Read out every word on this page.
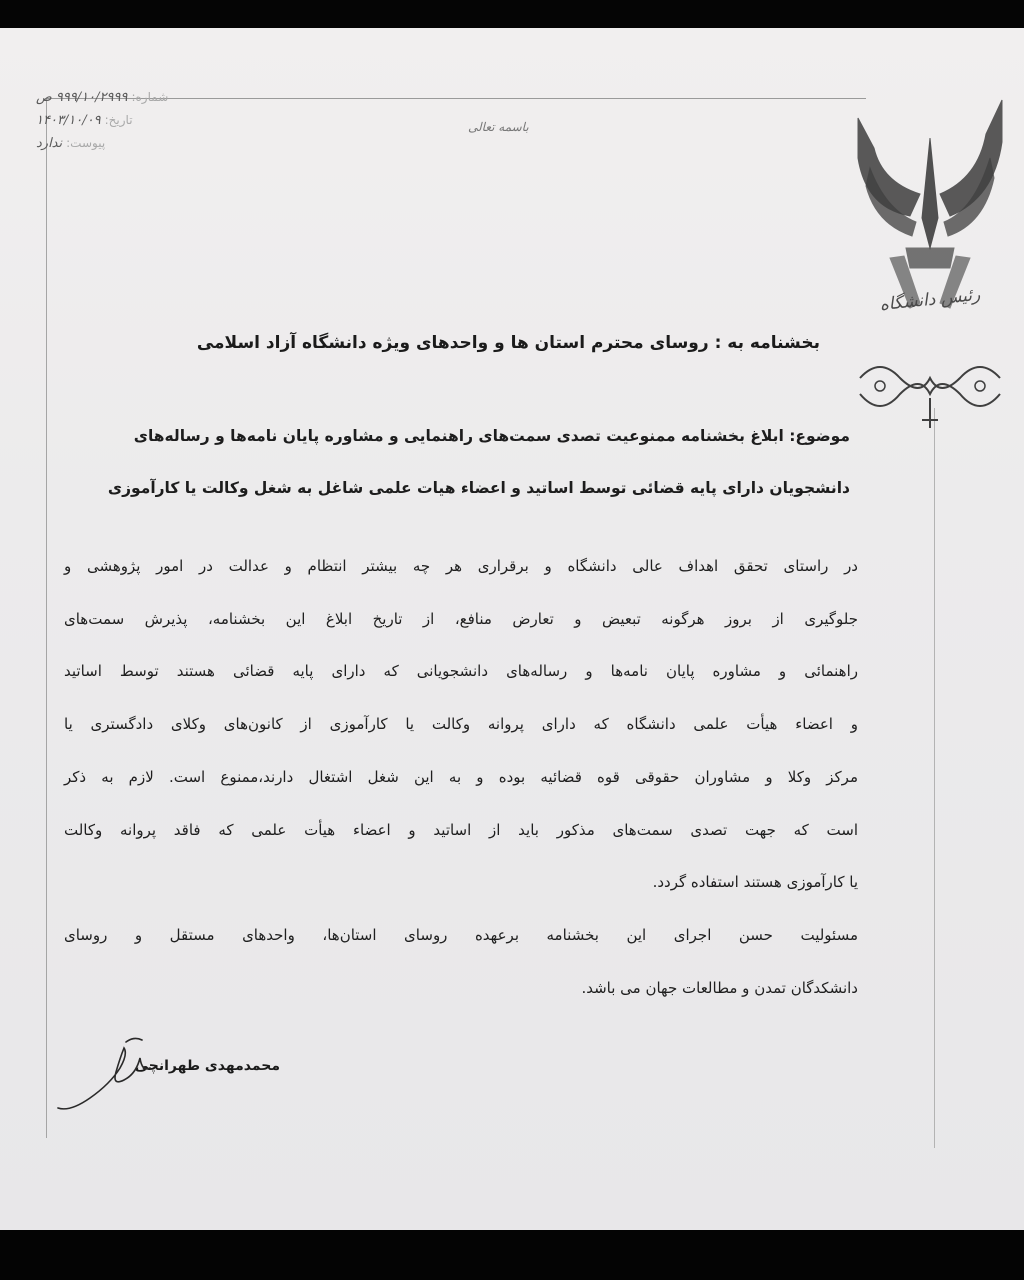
شماره:
۹۹۹/۱۰/۲۹۹۹ ص
تاریخ:
۱۴۰۳/۱۰/۰۹
پیوست:
ندارد
باسمه تعالی
رئیس دانشگاه
بخشنامه به : روسای محترم استان ها و واحدهای ویژه دانشگاه آزاد اسلامی
موضوع: ابلاغ بخشنامه ممنوعیت تصدی سمت‌های راهنمایی و مشاوره پایان نامه‌ها و رساله‌های
دانشجویان دارای پایه قضائی توسط اساتید و اعضاء هیات علمی شاغل به شغل وکالت یا کارآموزی
در راستای تحقق اهداف عالی دانشگاه و برقراری هر چه بیشتر انتظام و عدالت در امور پژوهشی و
جلوگیری از بروز هرگونه تبعیض و تعارض منافع، از تاریخ ابلاغ این بخشنامه، پذیرش سمت‌های
راهنمائی و مشاوره پایان نامه‌ها و رساله‌های دانشجویانی که دارای پایه قضائی هستند توسط اساتید
و اعضاء هیأت علمی دانشگاه که دارای پروانه وکالت یا کارآموزی از کانون‌های وکلای دادگستری یا
مرکز وکلا و مشاوران حقوقی قوه قضائیه بوده و به این شغل اشتغال دارند،ممنوع است. لازم به ذکر
است که جهت تصدی سمت‌های مذکور باید از اساتید و اعضاء هیأت علمی که فاقد پروانه وکالت
یا کارآموزی هستند استفاده گردد.
مسئولیت حسن اجرای این بخشنامه برعهده روسای استان‌ها، واحدهای مستقل و روسای
دانشکدگان تمدن و مطالعات جهان می باشد.
محمدمهدی طهرانچی
